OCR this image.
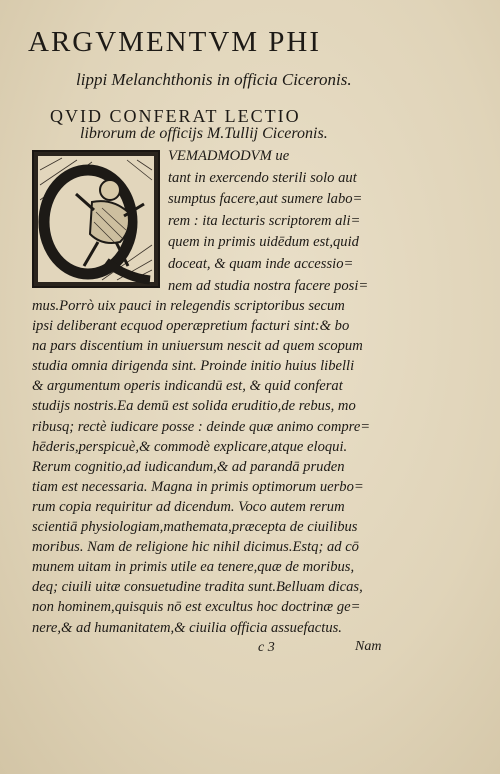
ARGVMENTVM PHI
lippi Melanchthonis in officia Ciceronis.
QVID CONFERAT LECTIO
librorum de officijs M.Tullij Ciceronis.
VEMADMODVM ue
tant in exercendo sterili solo aut
sumptus facere,aut sumere labo=
rem : ita lecturis scriptorem ali=
quem in primis uidēdum est,quid
doceat, & quam inde accessio=
nem ad studia nostra facere posi=
mus.Porrò uix pauci in relegendis scriptoribus secum
ipsi deliberant ecquod operæpretium facturi sint:& bo
na pars discentium in uniuersum nescit ad quem scopum
studia omnia dirigenda sint. Proinde initio huius libelli
& argumentum operis indicandū est, & quid conferat
studijs nostris.Ea demū est solida eruditio,de rebus, mo
ribusq; rectè iudicare posse : deinde quæ animo compre=
hēderis,perspicuè,& commodè explicare,atque eloqui.
Rerum cognitio,ad iudicandum,& ad parandā pruden
tiam est necessaria. Magna in primis optimorum uerbo=
rum copia requiritur ad dicendum. Voco autem rerum
scientiā physiologiam,mathemata,præcepta de ciuilibus
moribus. Nam de religione hic nihil dicimus.Estq; ad cō
munem uitam in primis utile ea tenere,quæ de moribus,
deq; ciuili uitæ consuetudine tradita sunt.Belluam dicas,
non hominem,quisquis nō est excultus hoc doctrinæ ge=
nere,& ad humanitatem,& ciuilia officia assuefactus.
c 3	Nam
